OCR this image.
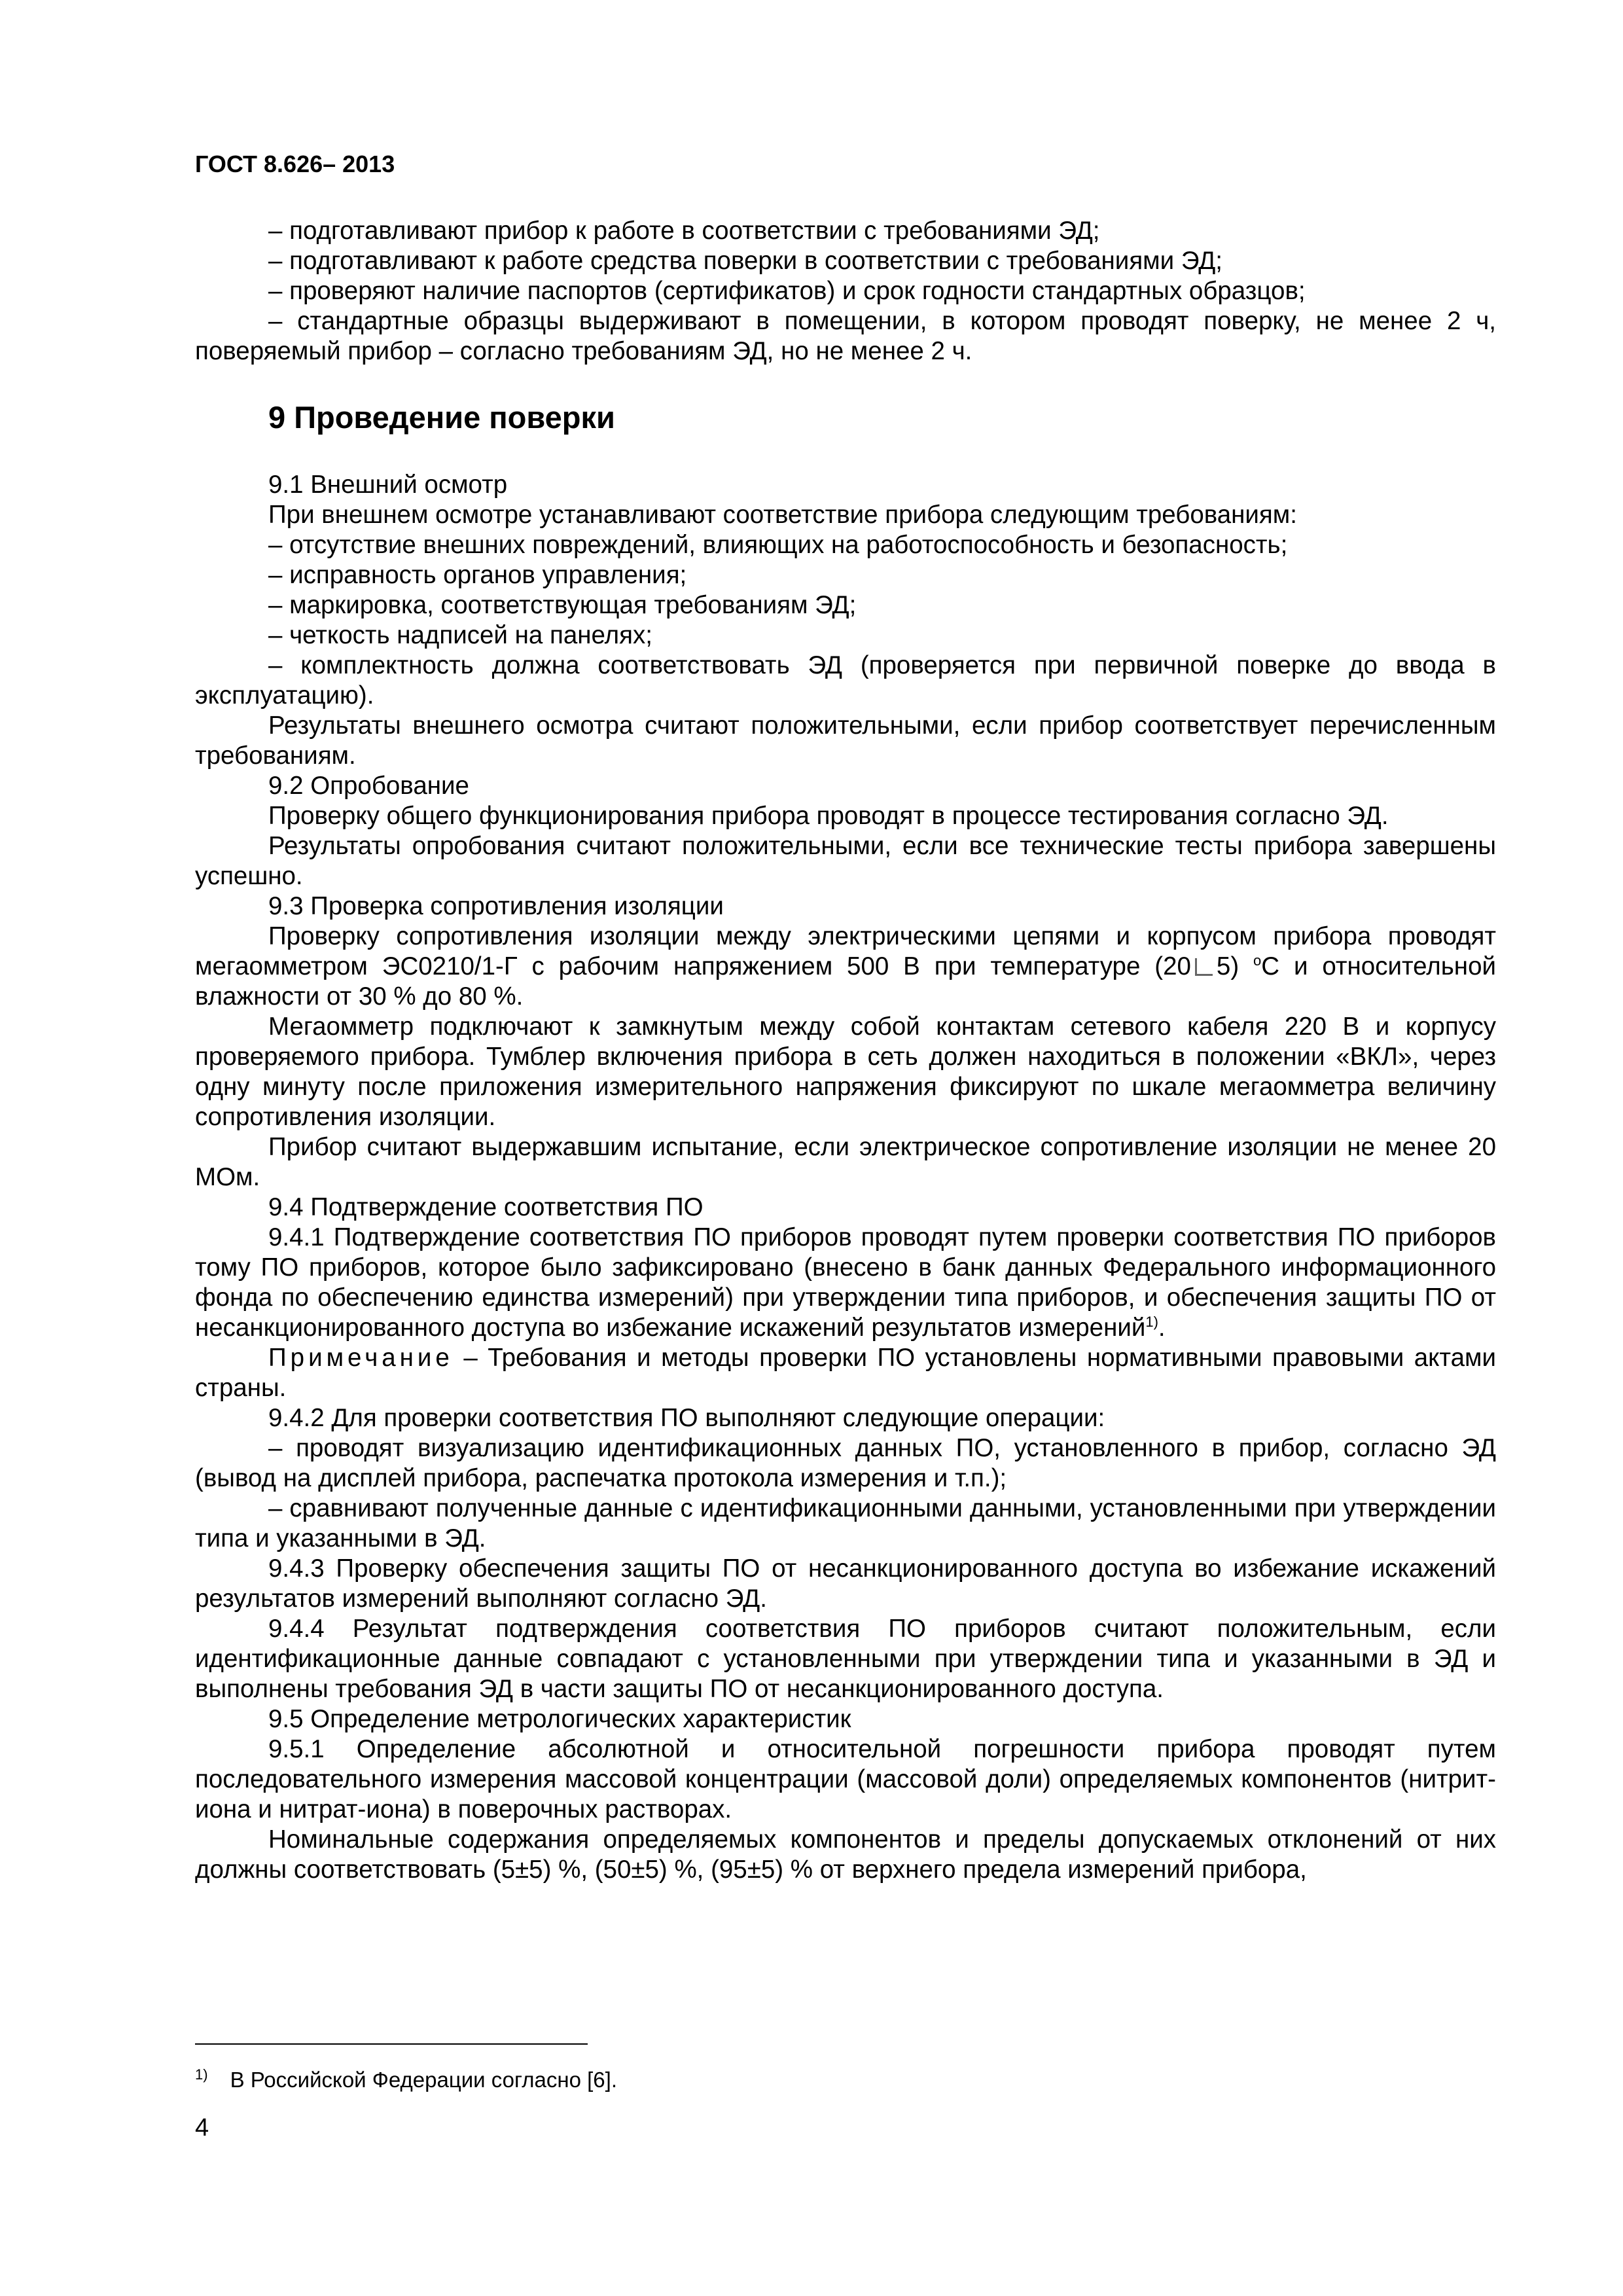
ГОСТ 8.626– 2013

– подготавливают прибор к работе в соответствии с требованиями ЭД;

– подготавливают к работе средства поверки в соответствии с требованиями ЭД;

– проверяют наличие паспортов (сертификатов) и срок годности стандартных образцов;

– стандартные образцы выдерживают в помещении, в котором проводят поверку, не менее 2 ч, поверяемый прибор – согласно требованиям ЭД, но не менее 2 ч.

9 Проведение поверки

9.1 Внешний осмотр

При внешнем осмотре устанавливают соответствие прибора следующим требованиям:

– отсутствие внешних повреждений, влияющих на работоспособность и безопасность;

– исправность органов управления;

– маркировка, соответствующая требованиям ЭД;

– четкость надписей на панелях;

– комплектность должна соответствовать ЭД (проверяется при первичной поверке до ввода в эксплуатацию).

Результаты внешнего осмотра считают положительными, если прибор соответствует перечисленным требованиям.

9.2 Опробование

Проверку общего функционирования прибора проводят в процессе тестирования согласно ЭД.

Результаты опробования считают положительными, если все технические тесты прибора завершены успешно.

9.3 Проверка сопротивления изоляции

Проверку сопротивления изоляции между электрическими цепями и корпусом прибора проводят мегаомметром ЭС0210/1-Г с рабочим напряжением 500 В при температуре (20 5) $^o$С и относительной влажности от 30 % до 80 %.

Мегаомметр подключают к замкнутым между собой контактам сетевого кабеля 220 В и корпусу проверяемого прибора. Тумблер включения прибора в сеть должен находиться в положении «ВКЛ», через одну минуту после приложения измерительного напряжения фиксируют по шкале мегаомметра величину сопротивления изоляции.

Прибор считают выдержавшим испытание, если электрическое сопротивление изоляции не менее 20 МОм.

9.4 Подтверждение соответствия ПО

9.4.1 Подтверждение соответствия ПО приборов проводят путем проверки соответствия ПО приборов тому ПО приборов, которое было зафиксировано (внесено в банк данных Федерального информационного фонда по обеспечению единства измерений) при утверждении типа приборов, и обеспечения защиты ПО от несанкционированного доступа во избежание искажений результатов измерений$^{1)}$.

Примечание – Требования и методы проверки ПО установлены нормативными правовыми актами страны.

9.4.2 Для проверки соответствия ПО выполняют следующие операции:

– проводят визуализацию идентификационных данных ПО, установленного в прибор, согласно ЭД (вывод на дисплей прибора, распечатка протокола измерения и т.п.);

– сравнивают полученные данные с идентификационными данными, установленными при утверждении типа и указанными в ЭД.

9.4.3 Проверку обеспечения защиты ПО от несанкционированного доступа во избежание искажений результатов измерений выполняют согласно ЭД.

9.4.4 Результат подтверждения соответствия ПО приборов считают положительным, если идентификационные данные совпадают с установленными при утверждении типа и указанными в ЭД и выполнены требования ЭД в части защиты ПО от несанкционированного доступа.

9.5 Определение метрологических характеристик

9.5.1 Определение абсолютной и относительной погрешности прибора проводят путем последовательного измерения массовой концентрации (массовой доли) определяемых компонентов (нитрит-иона и нитрат-иона) в поверочных растворах.

Номинальные содержания определяемых компонентов и пределы допускаемых отклонений от них должны соответствовать (5±5) %, (50±5) %, (95±5) % от верхнего предела измерений прибора,

$^{1)}$ В Российской Федерации согласно [6].
4
